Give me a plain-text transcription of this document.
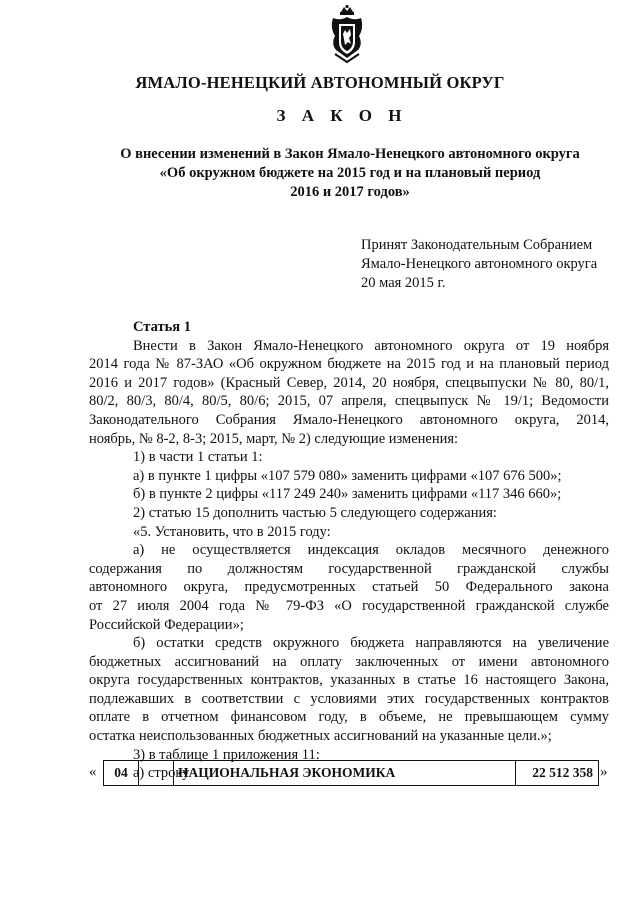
ЯМАЛО-НЕНЕЦКИЙ АВТОНОМНЫЙ ОКРУГ
З А К О Н
О внесении изменений в Закон Ямало-Ненецкого автономного округа
«Об окружном бюджете на 2015 год и на плановый период
2016 и 2017 годов»
Принят Законодательным Собранием
Ямало-Ненецкого автономного округа
20 мая 2015 г.
Статья 1
Внести в Закон Ямало-Ненецкого автономного округа от 19 ноября
2014 года № 87-ЗАО «Об окружном бюджете на 2015 год и на плановый период
2016 и 2017 годов» (Красный Север, 2014, 20 ноября, спецвыпуски № 80, 80/1,
80/2, 80/3, 80/4, 80/5, 80/6; 2015, 07 апреля, спецвыпуск № 19/1; Ведомости
Законодательного Собрания Ямало-Ненецкого автономного округа, 2014,
ноябрь, № 8-2, 8-3; 2015, март, № 2) следующие изменения:
1) в части 1 статьи 1:
а) в пункте 1 цифры «107 579 080» заменить цифрами «107 676 500»;
б) в пункте 2 цифры «117 249 240» заменить цифрами «117 346 660»;
2) статью 15 дополнить частью 5 следующего содержания:
«5. Установить, что в 2015 году:
а) не осуществляется индексация окладов месячного денежного
содержания по должностям государственной гражданской службы
автономного округа, предусмотренных статьей 50 Федерального закона
от 27 июля 2004 года № 79-ФЗ «О государственной гражданской службе
Российской Федерации»;
б) остатки средств окружного бюджета направляются на увеличение
бюджетных ассигнований на оплату заключенных от имени автономного
округа государственных контрактов, указанных в статье 16 настоящего Закона,
подлежавших в соответствии с условиями этих государственных контрактов
оплате в отчетном финансовом году, в объеме, не превышающем сумму
остатка неиспользованных бюджетных ассигнований на указанные цели.»;
3) в таблице 1 приложения 11:
а) строку
«	04	НАЦИОНАЛЬНАЯ ЭКОНОМИКА	22 512 358 »
